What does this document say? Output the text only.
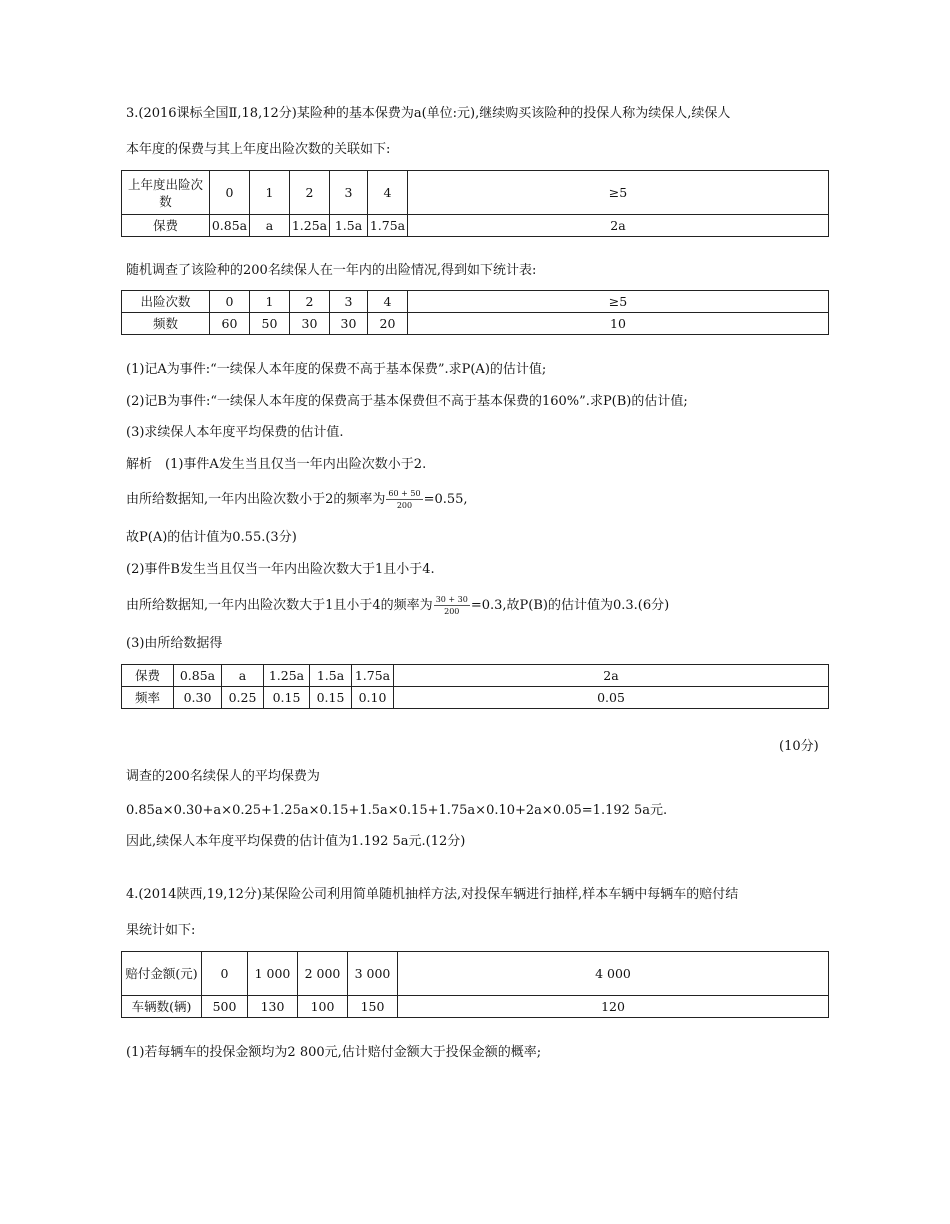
3.(2016课标全国Ⅱ,18,12分)某险种的基本保费为a(单位:元),继续购买该险种的投保人称为续保人,续保人
本年度的保费与其上年度出险次数的关联如下:
上年度出险次数	0	1	2	3	4	≥5
保费	0.85a	a	1.25a	1.5a	1.75a	2a
随机调查了该险种的200名续保人在一年内的出险情况,得到如下统计表:
出险次数	0	1	2	3	4	≥5
频数	60	50	30	30	20	10
(1)记A为事件:“一续保人本年度的保费不高于基本保费”.求P(A)的估计值;
(2)记B为事件:“一续保人本年度的保费高于基本保费但不高于基本保费的160%”.求P(B)的估计值;
(3)求续保人本年度平均保费的估计值.
解析　(1)事件A发生当且仅当一年内出险次数小于2.
由所给数据知,一年内出险次数小于2的频率为 $\frac{60 + 50}{200} =0.55$,
故P(A)的估计值为0.55.(3分)
(2)事件B发生当且仅当一年内出险次数大于1且小于4.
由所给数据知,一年内出险次数大于1且小于4的频率为 $\frac{30 + 30}{200} =0.3$,故P(B)的估计值为0.3.(6分)
(3)由所给数据得
保费	0.85a	a	1.25a	1.5a	1.75a	2a
频率	0.30	0.25	0.15	0.15	0.10	0.05
(10分)
调查的200名续保人的平均保费为
0.85a×0.30+a×0.25+1.25a×0.15+1.5a×0.15+1.75a×0.10+2a×0.05=1.192 5a元.
因此,续保人本年度平均保费的估计值为1.192 5a元.(12分)
4.(2014陕西,19,12分)某保险公司利用简单随机抽样方法,对投保车辆进行抽样,样本车辆中每辆车的赔付结
果统计如下:
赔付金额(元)	0	1 000	2 000	3 000	4 000
车辆数(辆)	500	130	100	150	120
(1)若每辆车的投保金额均为2 800元,估计赔付金额大于投保金额的概率;
